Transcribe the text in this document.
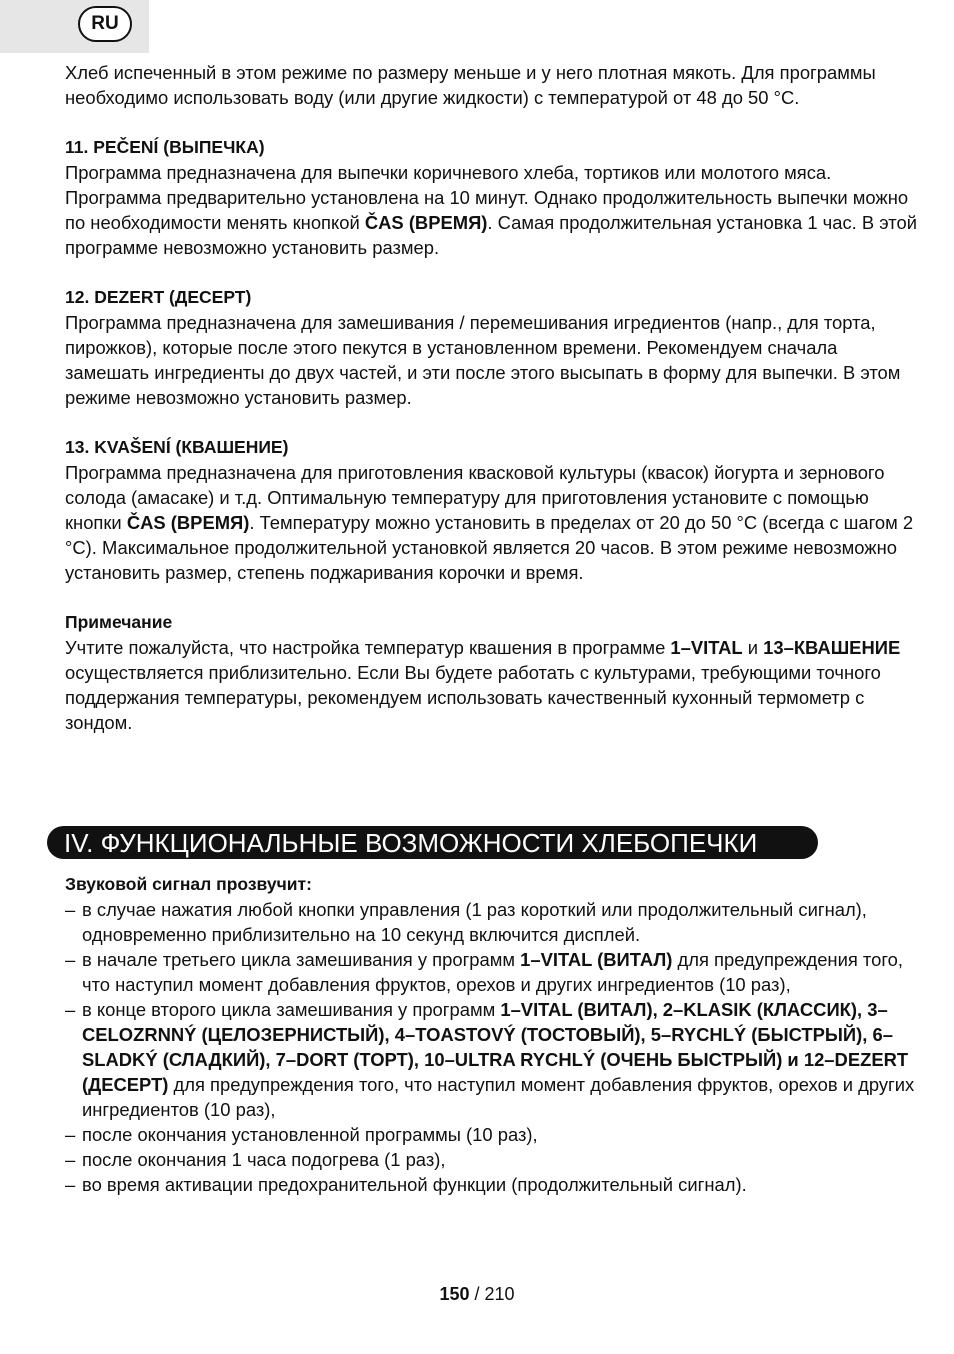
RU

Хлеб испеченный в этом режиме по размеру меньше и у него плотная мякоть. Для программы необходимо использовать воду (или другие жидкости) с температурой от 48 до 50 °C.

11. PEČENÍ (ВЫПЕЧКА)

Программа предназначена для выпечки коричневого хлеба, тортиков или молотого мяса. Программа предварительно установлена на 10 минут. Однако продолжительность выпечки можно по необходимости менять кнопкой ČAS (ВРЕМЯ). Самая продолжительная установка 1 час. В этой программе невозможно установить размер.

12. DEZERT (ДЕСЕРТ)

Программа предназначена для замешивания / перемешивания игредиентов (напр., для торта, пирожков), которые после этого пекутся в установленном времени. Рекомендуем сначала замешать ингредиенты до двух частей, и эти после этого высыпать в форму для выпечки. В этом режиме невозможно установить размер.

13. KVAŠENÍ (КВАШЕНИЕ)

Программа предназначена для приготовления квасковой культуры (квасок) йогурта и зернового солода (амасаке) и т.д. Оптимальную температуру для приготовления установите с помощью кнопки ČAS (ВРЕМЯ). Температуру можно установить в пределах от 20 до 50 °C (всегда с шагом 2 °C). Максимальное продолжительной установкой является 20 часов. В этом режиме невозможно установить размер, степень поджаривания корочки и время.

Примечание

Учтите пожалуйста, что настройка температур квашения в программе 1–VITAL и 13–КВАШЕНИЕ осуществляется приблизительно. Если Вы будете работать с культурами, требующими точного поддержания температуры, рекомендуем использовать качественный кухонный термометр с зондом.

IV. ФУНКЦИОНАЛЬНЫЕ ВОЗМОЖНОСТИ ХЛЕБОПЕЧКИ

Звуковой сигнал прозвучит:

– в случае нажатия любой кнопки управления (1 раз короткий или продолжительный сигнал), одновременно приблизительно на 10 секунд включится дисплей.
– в начале третьего цикла замешивания у программ 1–VITAL (ВИТАЛ) для предупреждения того, что наступил момент добавления фруктов, орехов и других ингредиентов (10 раз),
– в конце второго цикла замешивания у программ 1–VITAL (ВИТАЛ), 2–KLASIK (КЛАССИК), 3–CELOZRNNÝ (ЦЕЛОЗЕРНИСТЫЙ), 4–TOASTOVÝ (ТОСТОВЫЙ), 5–RYCHLÝ (БЫСТРЫЙ), 6–SLADKÝ (СЛАДКИЙ), 7–DORT (ТОРТ), 10–ULTRA RYCHLÝ (ОЧЕНЬ БЫСТРЫЙ) и 12–DEZERT (ДЕСЕРТ) для предупреждения того, что наступил момент добавления фруктов, орехов и других ингредиентов (10 раз),
– после окончания установленной программы (10 раз),
– после окончания 1 часа подогрева (1 раз),
– во время активации предохранительной функции (продолжительный сигнал).
150 / 210
